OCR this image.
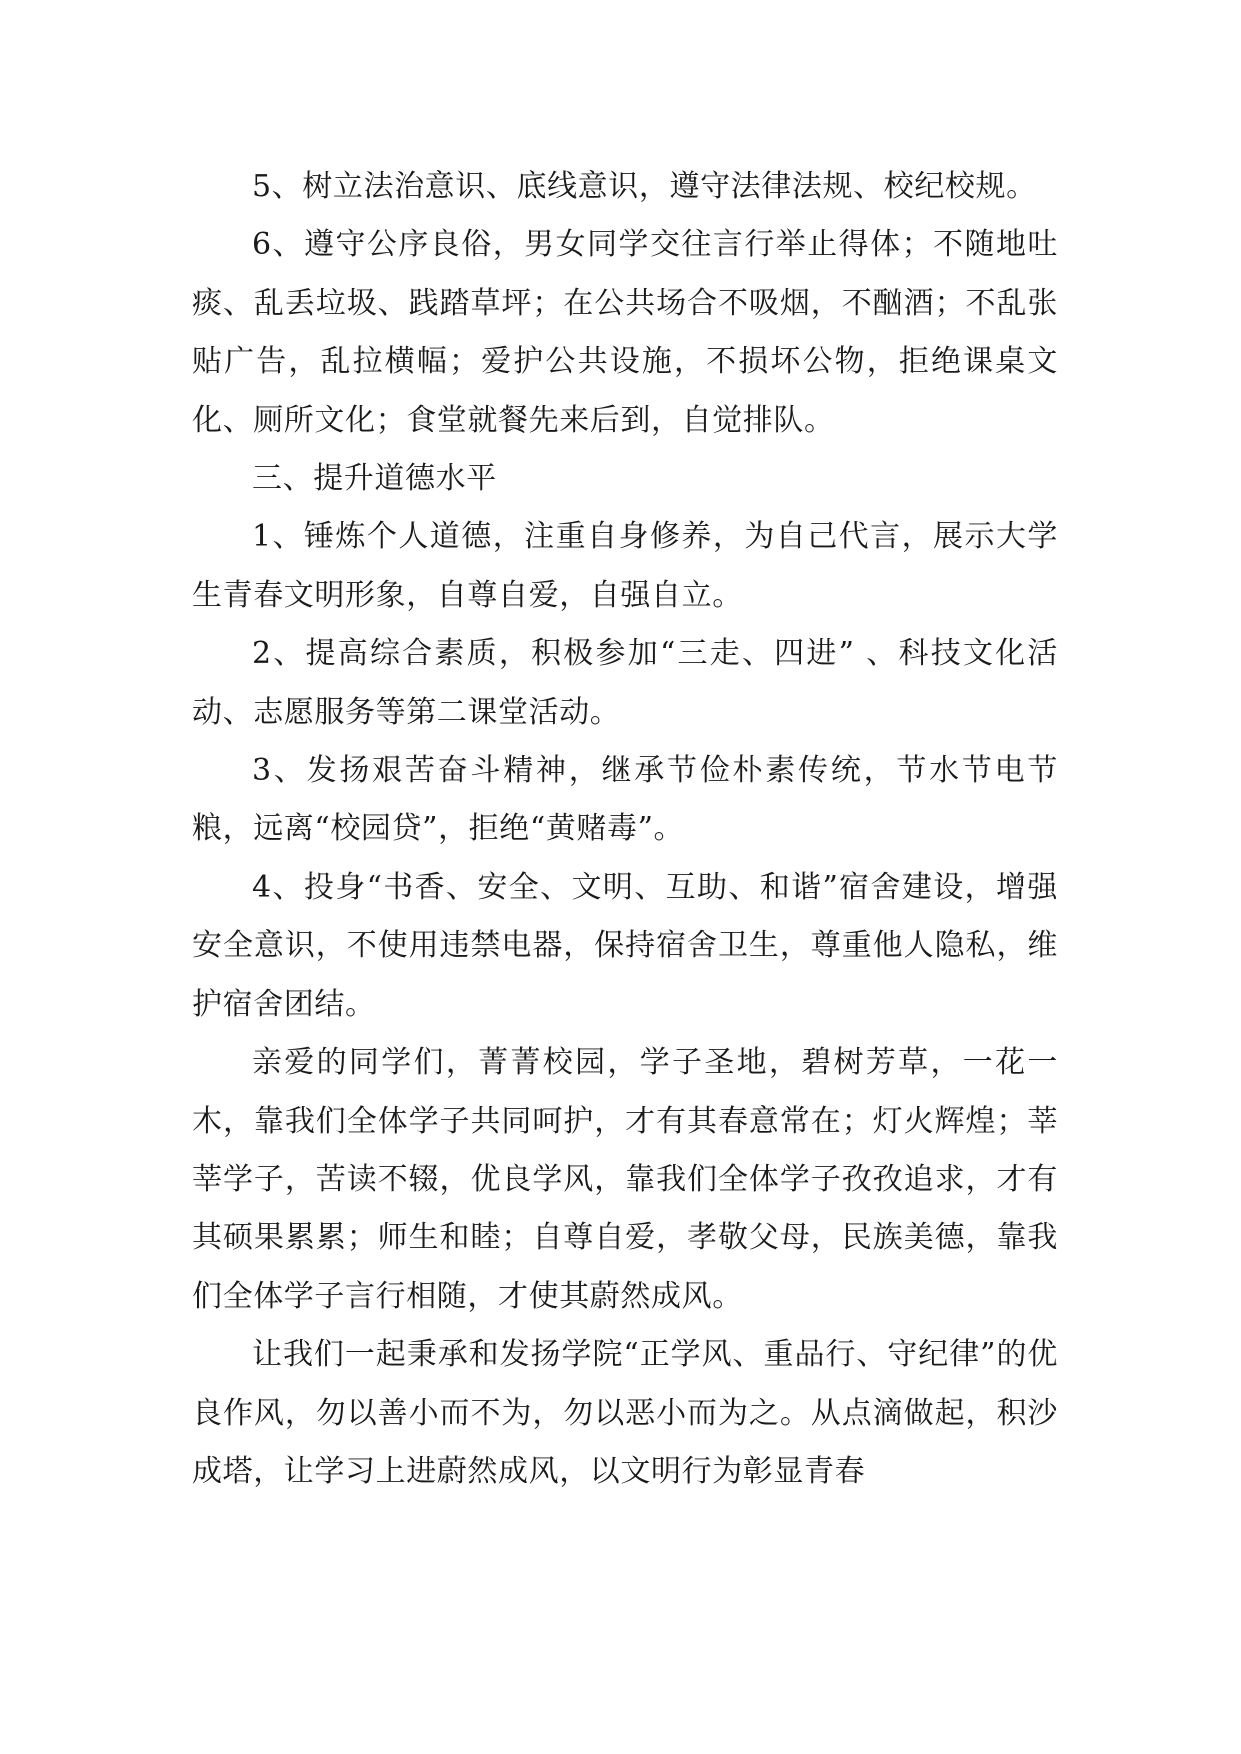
5、树立法治意识、底线意识，遵守法律法规、校纪校规。

6、遵守公序良俗，男女同学交往言行举止得体；不随地吐痰、乱丢垃圾、践踏草坪；在公共场合不吸烟，不酗酒；不乱张贴广告，乱拉横幅；爱护公共设施，不损坏公物，拒绝课桌文化、厕所文化；食堂就餐先来后到，自觉排队。

三、提升道德水平

1、锤炼个人道德，注重自身修养，为自己代言，展示大学生青春文明形象，自尊自爱，自强自立。

2、提高综合素质，积极参加“三走、四进” 、科技文化活动、志愿服务等第二课堂活动。

3、发扬艰苦奋斗精神，继承节俭朴素传统，节水节电节粮，远离“校园贷”，拒绝“黄赌毒”。

4、投身“书香、安全、文明、互助、和谐”宿舍建设，增强安全意识，不使用违禁电器，保持宿舍卫生，尊重他人隐私，维护宿舍团结。

亲爱的同学们，菁菁校园，学子圣地，碧树芳草，一花一木，靠我们全体学子共同呵护，才有其春意常在；灯火辉煌；莘莘学子，苦读不辍，优良学风，靠我们全体学子孜孜追求，才有其硕果累累；师生和睦；自尊自爱，孝敬父母，民族美德，靠我们全体学子言行相随，才使其蔚然成风。

让我们一起秉承和发扬学院“正学风、重品行、守纪律”的优良作风，勿以善小而不为，勿以恶小而为之。从点滴做起，积沙成塔，让学习上进蔚然成风，以文明行为彰显青春
